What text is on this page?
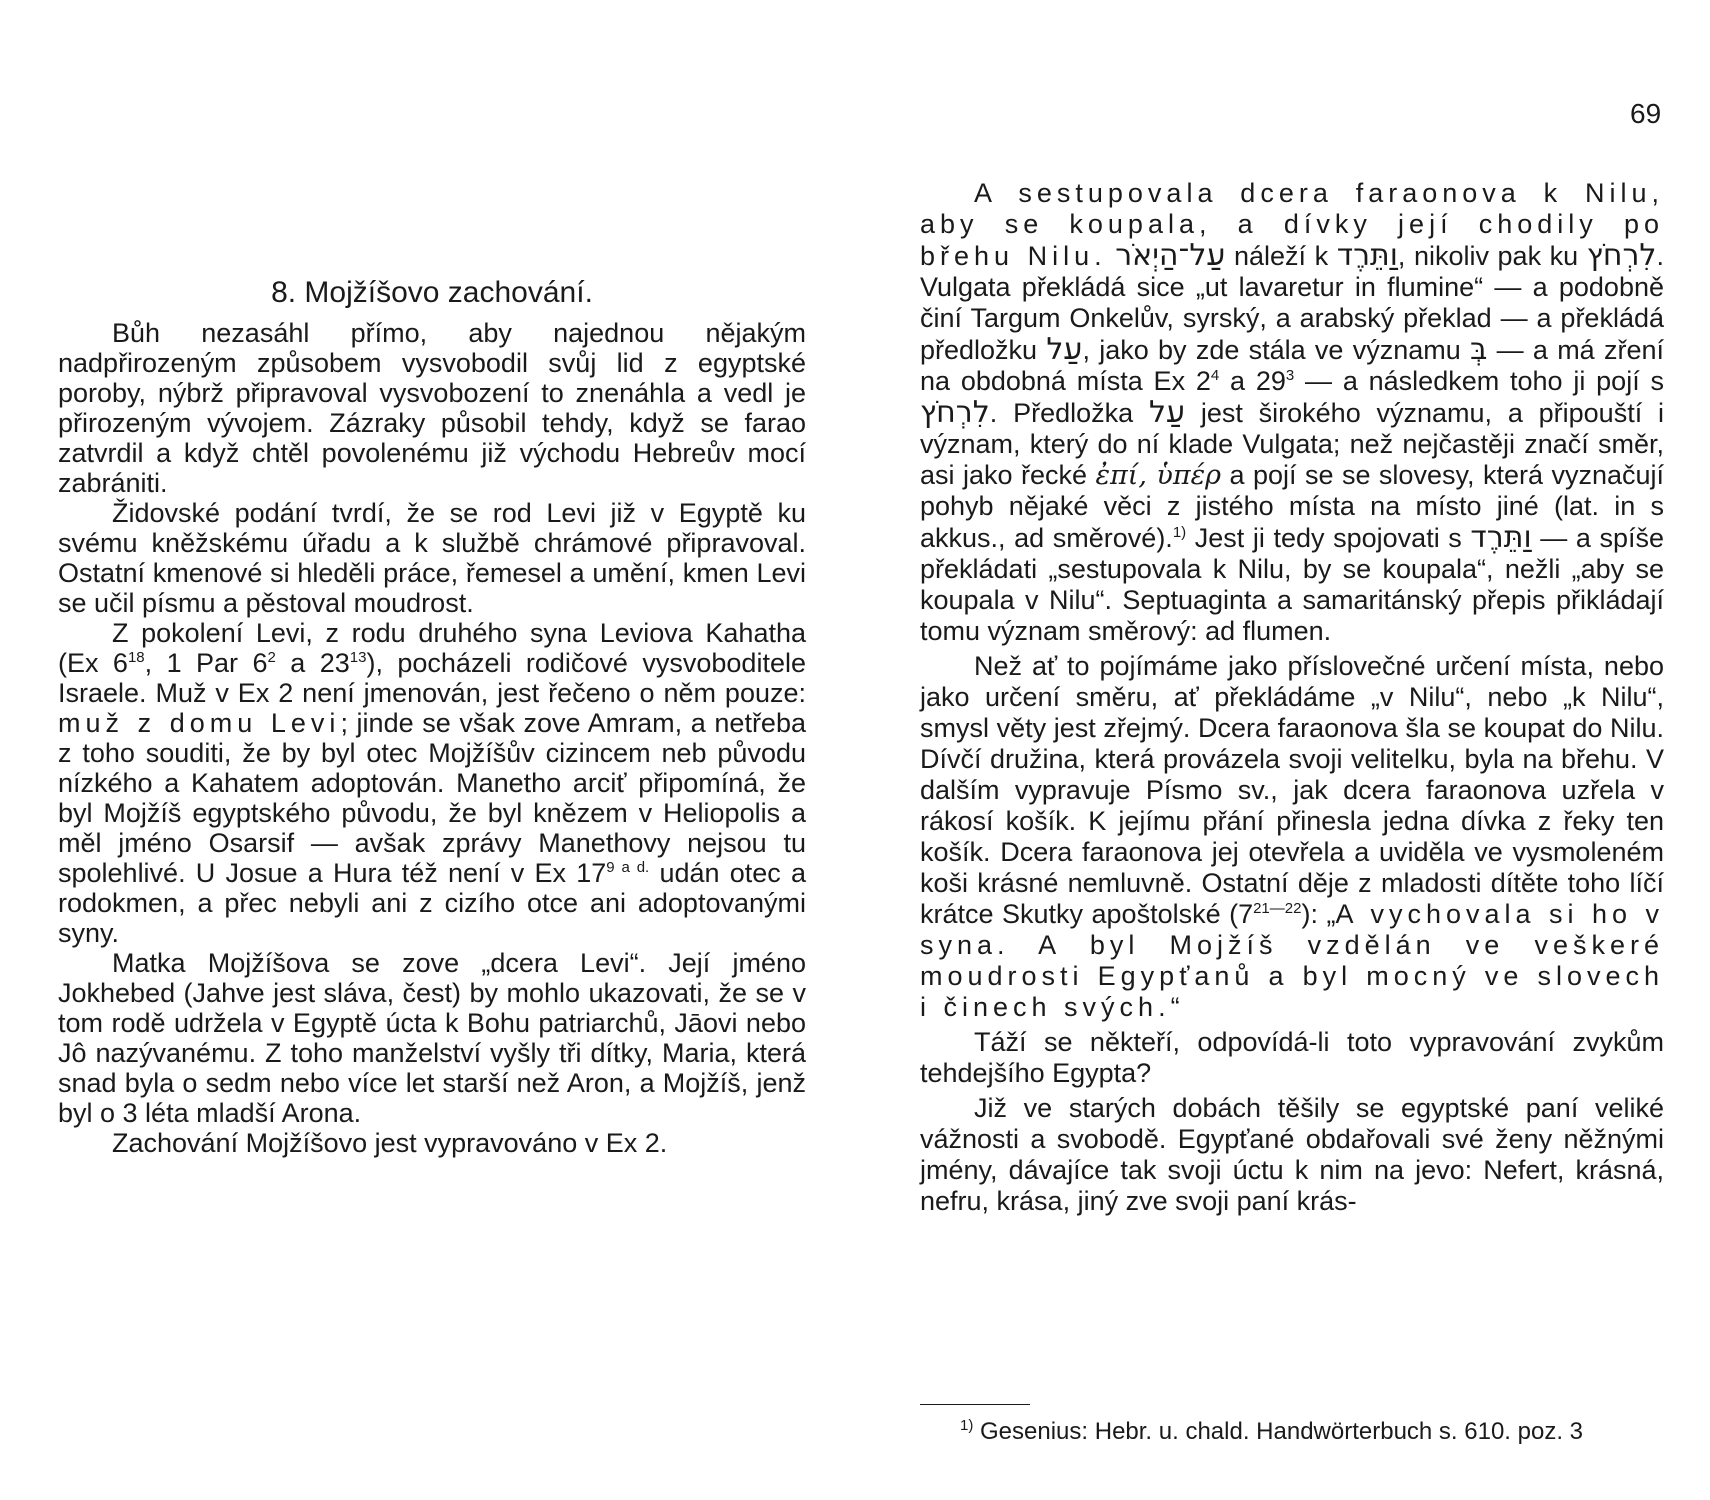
69
8. Mojžíšovo zachování.

Bůh nezasáhl přímo, aby najednou nějakým nadpřirozeným způsobem vysvobodil svůj lid z egyptské poroby, nýbrž připravoval vysvobození to znenáhla a vedl je přirozeným vývojem. Zázraky působil tehdy, když se farao zatvrdil a když chtěl povolenému již východu Hebreův mocí zabrániti.

Židovské podání tvrdí, že se rod Levi již v Egyptě ku svému kněžskému úřadu a k službě chrámové připravoval. Ostatní kmenové si hleděli práce, řemesel a umění, kmen Levi se učil písmu a pěstoval moudrost.

Z pokolení Levi, z rodu druhého syna Leviova Kahatha (Ex $6^{18}$, 1 Par $6^2$ a $23^{13}$), pocházeli rodičové vysvoboditele Israele. Muž v Ex 2 není jmenován, jest řečeno o něm pouze: muž z domu Levi; jinde se však zove Amram, a netřeba z toho souditi, že by byl otec Mojžíšův cizincem neb původu nízkého a Kahatem adoptován. Manetho arciť připomíná, že byl Mojžíš egyptského původu, že byl knězem v Heliopolis a měl jméno Osarsif — avšak zprávy Manethovy nejsou tu spolehlivé. U Josue a Hura též není v Ex $17^{9 a d.}$ udán otec a rodokmen, a přec nebyli ani z cizího otce ani adoptovanými syny.

Matka Mojžíšova se zove „dcera Levi“. Její jméno Jokhebed (Jahve jest sláva, čest) by mohlo ukazovati, že se v tom rodě udržela v Egyptě úcta k Bohu patriarchů, Jāovi nebo Jô nazývanému. Z toho manželství vyšly tři dítky, Maria, která snad byla o sedm nebo více let starší než Aron, a Mojžíš, jenž byl o 3 léta mladší Arona.

Zachování Mojžíšovo jest vypravováno v Ex 2.

A sestupovala dcera faraonova k Nilu, aby se koupala, a dívky její chodily po břehu Nilu. עַל־הַיְאֹר náleží k וַתֵּרֶד, nikoliv pak ku לִרְחֹץ. Vulgata překládá sice „ut lavaretur in flumine“ — a podobně činí Targum Onkelův, syrský, a arabský překlad — a překládá předložku עַל, jako by zde stála ve významu בְּ — a má zření na obdobná místa Ex $2^4$ a $29^3$ — a následkem toho ji pojí s לִרְחֹץ. Předložka עַל jest širokého významu, a připouští i význam, který do ní klade Vulgata; než nejčastěji značí směr, asi jako řecké ἐπί, ὑπέρ a pojí se se slovesy, která vyznačují pohyb nějaké věci z jistého místa na místo jiné (lat. in s akkus., ad směrové).$^{1)}$ Jest ji tedy spojovati s וַתֵּרֶד — a spíše překládati „sestupovala k Nilu, by se koupala“, nežli „aby se koupala v Nilu“. Septuaginta a samaritánský přepis přikládají tomu význam směrový: ad flumen.

Než ať to pojímáme jako příslovečné určení místa, nebo jako určení směru, ať překládáme „v Nilu“, nebo „k Nilu“, smysl věty jest zřejmý. Dcera faraonova šla se koupat do Nilu. Dívčí družina, která provázela svoji velitelku, byla na břehu. V dalším vypravuje Písmo sv., jak dcera faraonova uzřela v rákosí košík. K jejímu přání přinesla jedna dívka z řeky ten košík. Dcera faraonova jej otevřela a uviděla ve vysmoleném koši krásné nemluvně. Ostatní děje z mladosti dítěte toho líčí krátce Skutky apoštolské $(7^{21—22})$: „A vychovala si ho v syna. A byl Mojžíš vzdělán ve veškeré moudrosti Egypťanů a byl mocný ve slovech i činech svých.“

Táží se někteří, odpovídá-li toto vypravování zvykům tehdejšího Egypta?

Již ve starých dobách těšily se egyptské paní veliké vážnosti a svobodě. Egypťané obdařovali své ženy něžnými jmény, dávajíce tak svoji úctu k nim na jevo: Nefert, krásná, nefru, krása, jiný zve svoji paní krás-

$^{1)}$ Gesenius: Hebr. u. chald. Handwörterbuch s. 610. poz. 3
